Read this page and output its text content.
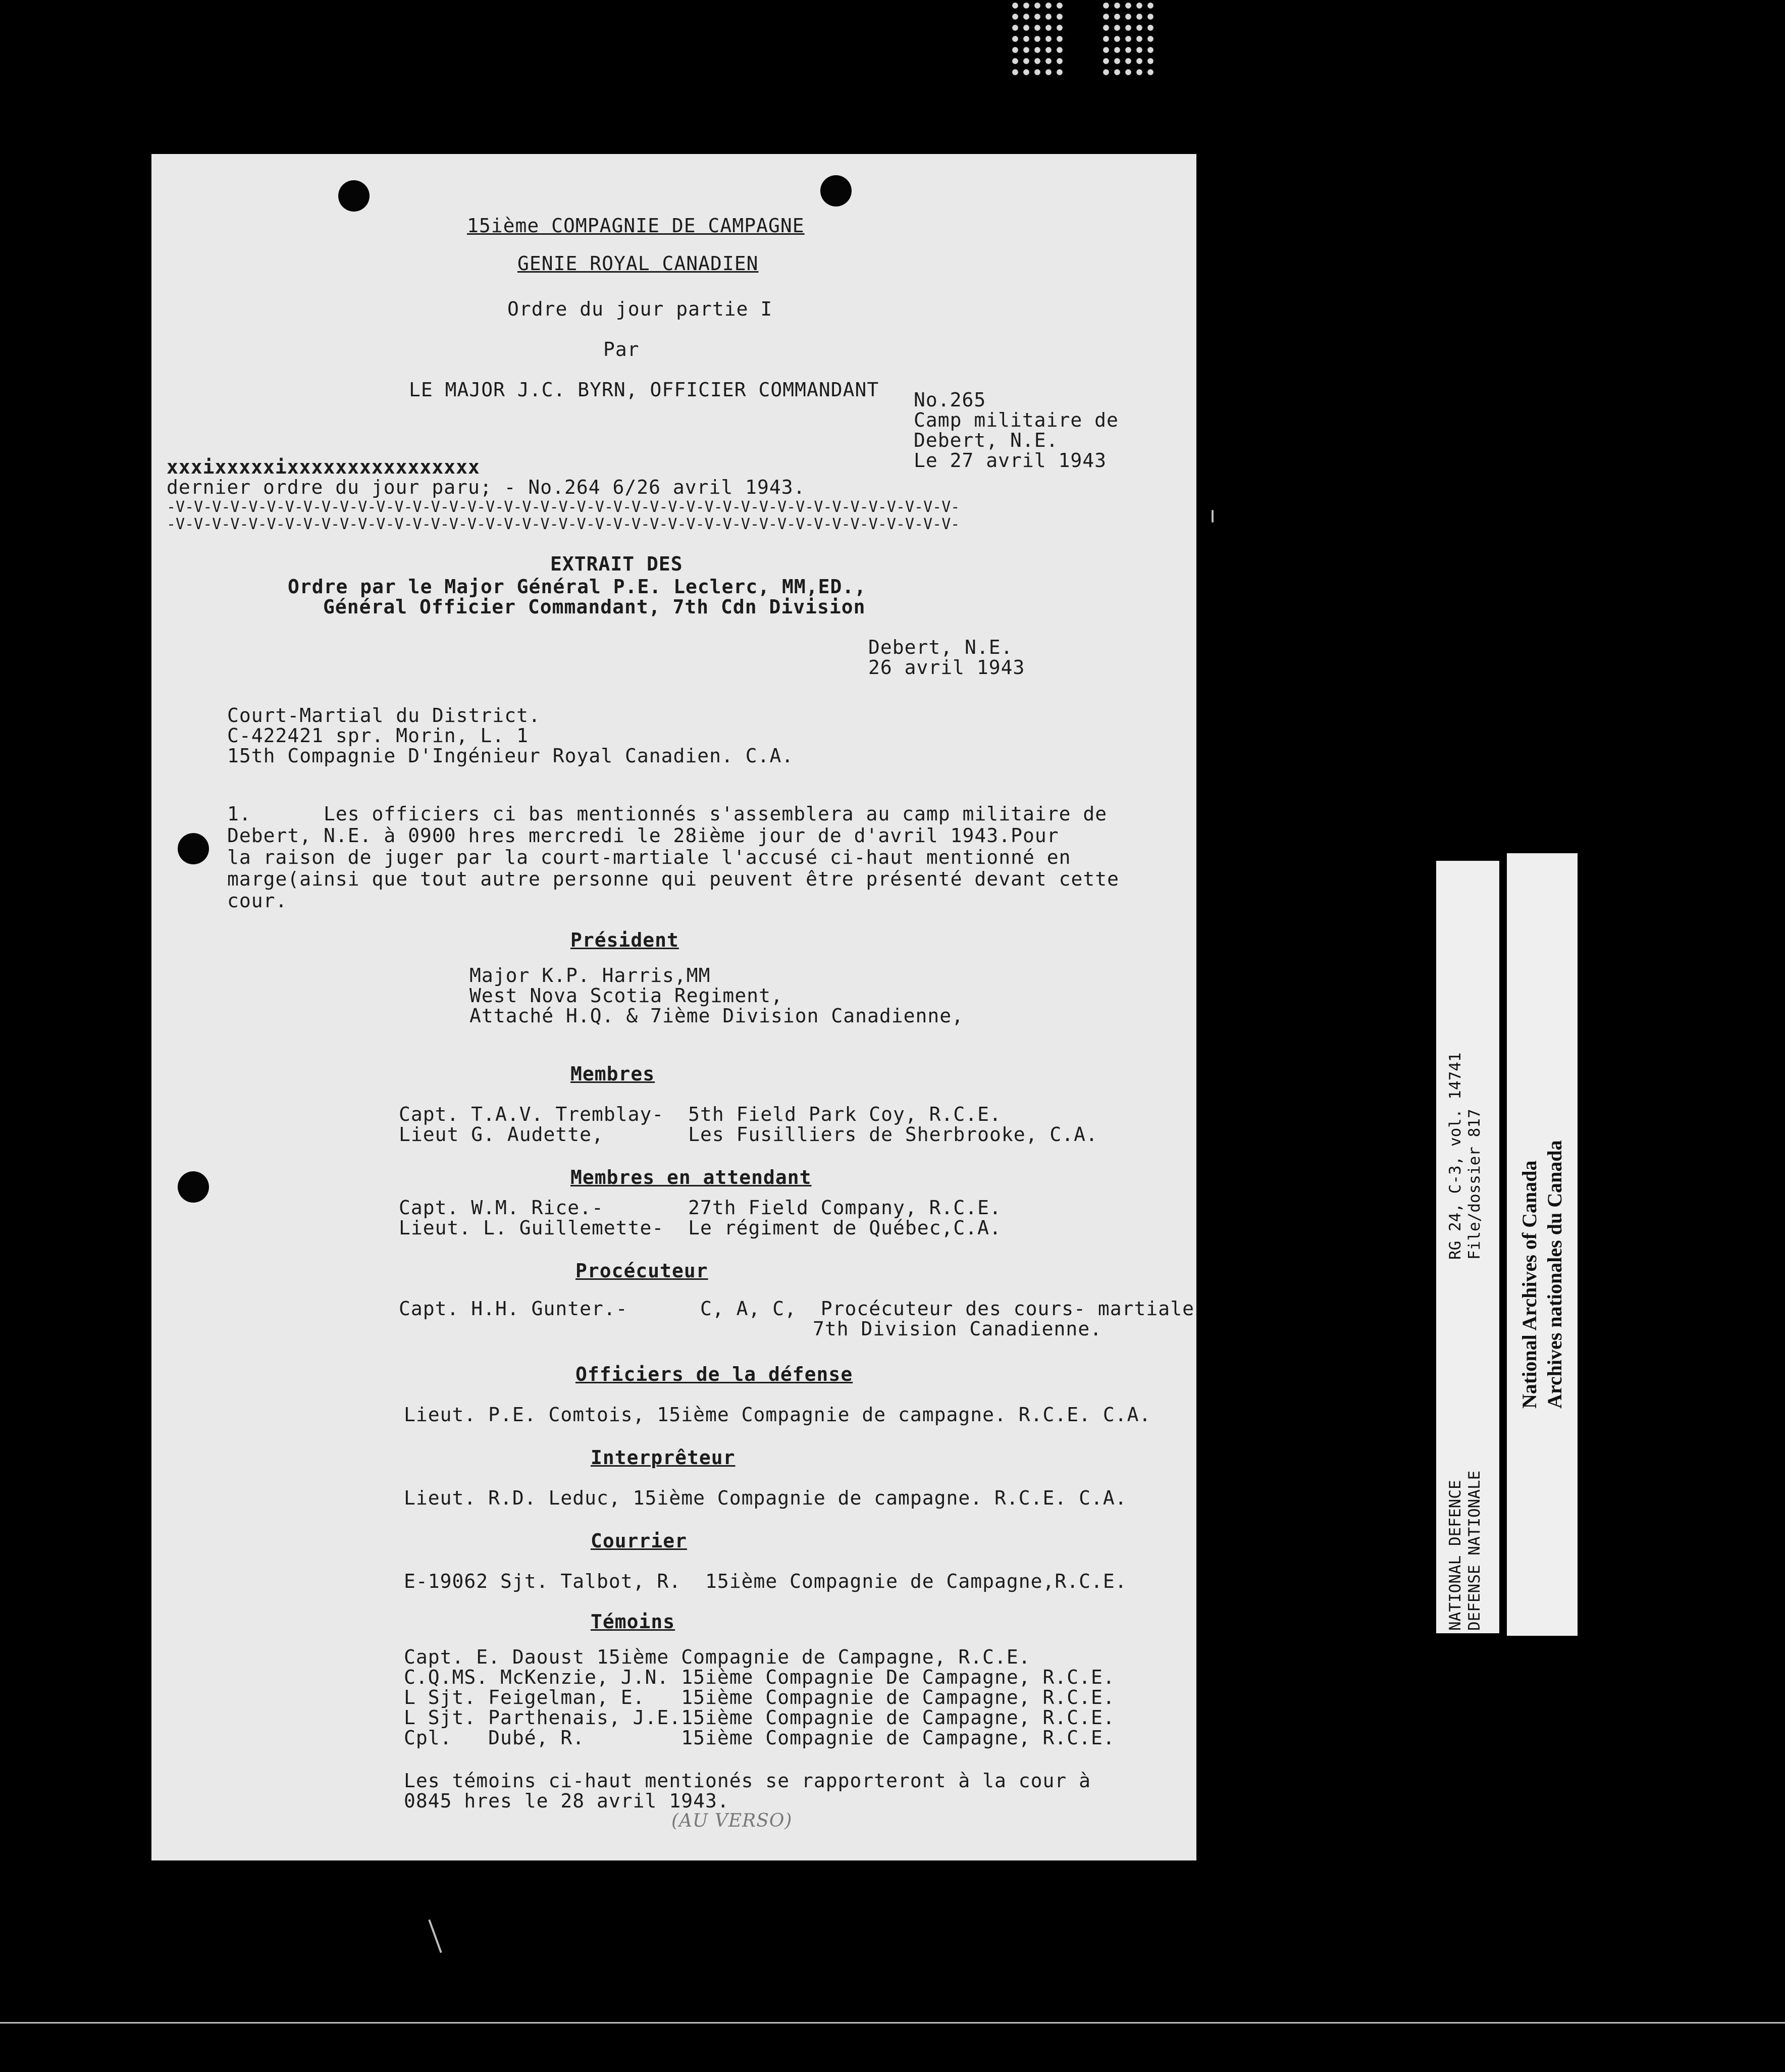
15ième COMPAGNIE DE CAMPAGNE
GENIE ROYAL CANADIEN
Ordre du jour partie I
Par
LE MAJOR J.C. BYRN, OFFICIER COMMANDANT No.265
Camp militaire de
Debert, N.E.
Le 27 avril 1943
xxxixxxxxixxxxxxxxxxxxxxxx
dernier ordre du jour paru; - No.264 6/26 avril 1943.
-V-V-V-V-V-V-V-V-V-V-V-V-V-V-V-V-V-V-V-V-V-V-V-V-V-V-V-V-V-V-V-V-V-V-V-V-V-V-V-V-V-V-V-
-V-V-V-V-V-V-V-V-V-V-V-V-V-V-V-V-V-V-V-V-V-V-V-V-V-V-V-V-V-V-V-V-V-V-V-V-V-V-V-V-V-V-V-
EXTRAIT DES
Ordre par le Major Général P.E. Leclerc, MM,ED.,
Général Officier Commandant, 7th Cdn Division
Debert, N.E.
26 avril 1943
Court-Martial du District.
C-422421 spr. Morin, L. 1
15th Compagnie D'Ingénieur Royal Canadien. C.A.
1.      Les officiers ci bas mentionnés s'assemblera au camp militaire de
Debert, N.E. à 0900 hres mercredi le 28ième jour de d'avril 1943.Pour
la raison de juger par la court-martiale l'accusé ci-haut mentionné en
marge(ainsi que tout autre personne qui peuvent être présenté devant cette
cour.
Président
Major K.P. Harris,MM
West Nova Scotia Regiment,
Attaché H.Q. & 7ième Division Canadienne,
Membres
Capt. T.A.V. Tremblay-  5th Field Park Coy, R.C.E.
Lieut G. Audette,       Les Fusilliers de Sherbrooke, C.A.
Membres en attendant
Capt. W.M. Rice.-       27th Field Company, R.C.E.
Lieut. L. Guillemette-  Le régiment de Québec,C.A.
Procécuteur
Capt. H.H. Gunter.-      C, A, C,  Procécuteur des cours- martiale
7th Division Canadienne.
Officiers de la défense
Lieut. P.E. Comtois, 15ième Compagnie de campagne. R.C.E. C.A.
Interprêteur
Lieut. R.D. Leduc, 15ième Compagnie de campagne. R.C.E. C.A.
Courrier
E-19062 Sjt. Talbot, R.  15ième Compagnie de Campagne,R.C.E.
Témoins
Capt. E. Daoust 15ième Compagnie de Campagne, R.C.E.
C.Q.MS. McKenzie, J.N. 15ième Compagnie De Campagne, R.C.E.
L Sjt. Feigelman, E.   15ième Compagnie de Campagne, R.C.E.
L Sjt. Parthenais, J.E.15ième Compagnie de Campagne, R.C.E.
Cpl.   Dubé, R.        15ième Compagnie de Campagne, R.C.E.
Les témoins ci-haut mentionés se rapporteront à la cour à
0845 hres le 28 avril 1943.
(AU VERSO)
NATIONAL DEFENCE DEFENSE NATIONALE
RG 24, C-3, vol. 14741 File/dossier 817 National Archives of Canada Archives nationales du Canada
